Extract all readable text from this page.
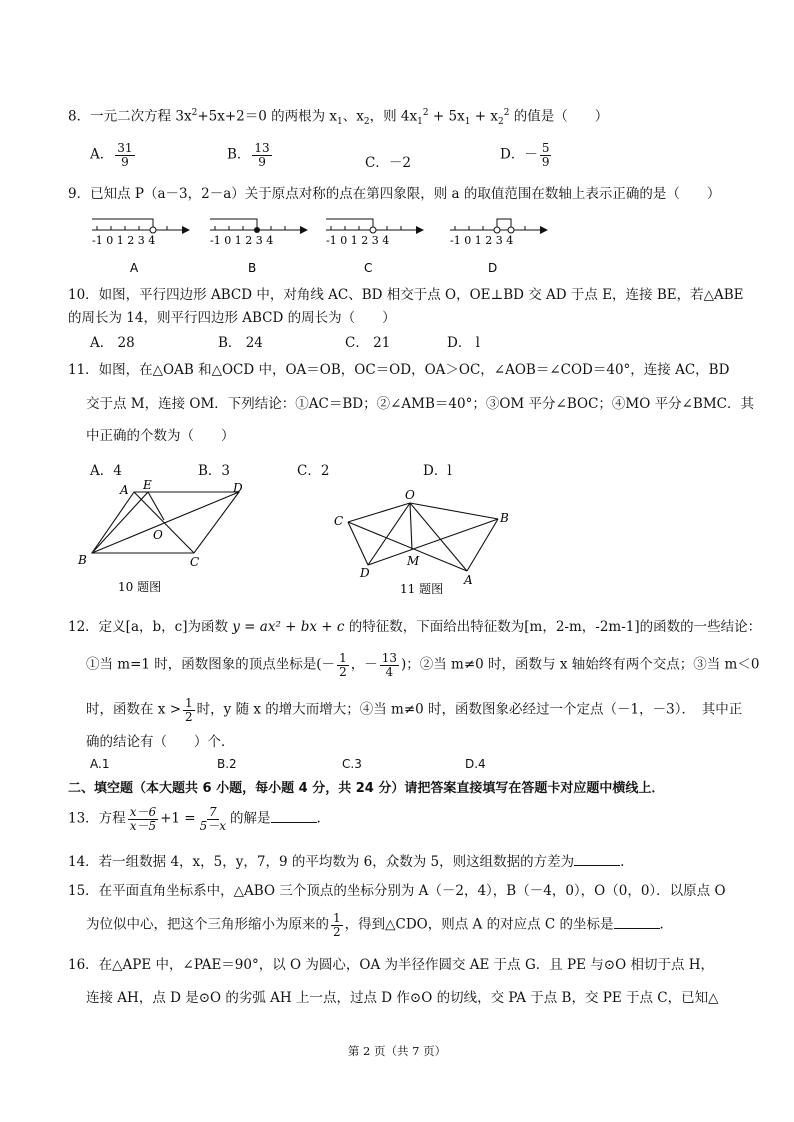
8．一元二次方程 $3x^2+5x+2=0$ 的两根为 $x_1$、$x_2$，则 $4x_1^2 + 5x_1 + x_2^2$ 的值是（　　）
A． $\frac{31}{9}$	B． $\frac{13}{9}$	C．－2
D．－ $\frac{5}{9}$
9．已知点 P（a－3，2－a）关于原点对称的点在第四象限，则 a 的取值范围在数轴上表示正确的是（　　）
-1 0 1 2 3 4
A
-1 0 1 2 3 4
B
-1 0 1 2 3 4
C
-1 0 1 2 3 4
D
10．如图，平行四边形 ABCD 中，对角线 AC、BD 相交于点 O，OE⊥BD 交 AD 于点 E，连接 BE，若△ABE
的周长为 14，则平行四边形 ABCD 的周长为（　　）
A． 28	B． 24	C． 21	D． l
11．如图，在△OAB 和△OCD 中，OA＝OB，OC＝OD，OA＞OC，∠AOB＝∠COD＝40°，连接 AC，BD
交于点 M，连接 OM．下列结论：①AC＝BD；②∠AMB＝40°；③OM 平分∠BOC；④MO 平分∠BMC．其
中正确的个数为（　　）
A．4	B．3	C．2	D．l
A E	D
O
B	C
10 题图
O
C	B
M
D	A
11 题图
12．定义[a，b，c]为函数 y = ax² + bx + c 的特征数，下面给出特征数为[m，2-m，-2m-1]的函数的一些结论：
①当 m=1 时，函数图象的顶点坐标是(－ $\frac{1}{2}$ ，－ $\frac{13}{4}$ )；②当 m≠0 时，函数与 x 轴始终有两个交点；③当 m＜0
时，函数在 $x > \frac{1}{2}$ 时，y 随 x 的增大而增大；④当 m≠0 时，函数图象必经过一个定点（－1，－3）．　其中正
确的结论有（　　）个．
A.1	B.2	C.3	D.4
二、填空题（本大题共 6 小题，每小题 4 分，共 24 分）请把答案直接填写在答题卡对应题中横线上．
13．方程 $\frac{x-6}{x-5} +1 = \frac{7}{5-x}$ 的解是	.
14．若一组数据 4，x，5，y，7，9 的平均数为 6，众数为 5，则这组数据的方差为	.
15．在平面直角坐标系中，△ABO 三个顶点的坐标分别为 A（－2，4），B（－4，0），O（0，0）．以原点 O
为位似中心，把这个三角形缩小为原来的 $\frac{1}{2}$ ，得到△CDO，则点 A 的对应点 C 的坐标是	.
16．在△APE 中，∠PAE＝90°，以 O 为圆心，OA 为半径作圆交 AE 于点 G．且 PE 与⊙O 相切于点 H，
连接 AH，点 D 是⊙O 的劣弧 AH 上一点，过点 D 作⊙O 的切线，交 PA 于点 B，交 PE 于点 C，已知△
第 2 页（共 7 页）
